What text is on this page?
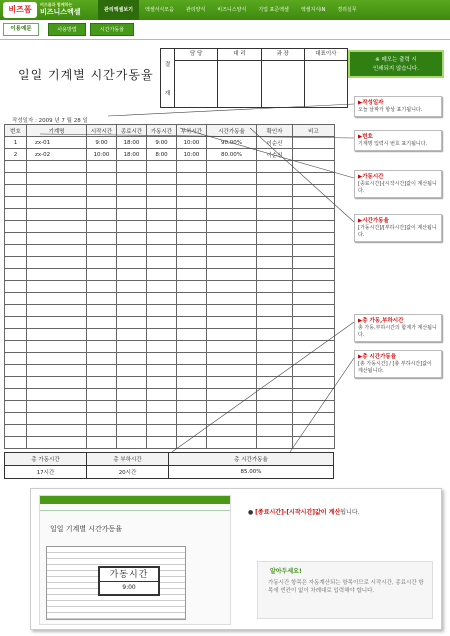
비즈폼
비즈폼과 함께하는
비즈니스엑셀	관리엑셀보기	엑셀서식모음	관리양식	비즈니스양식	기업 표준엑셀	엑셀지식iN	경리실무
이용예문	사용방법	시간가동율
일일 기계별 시간가동율
결
재
담 당	대 리	과 장	대표이사
작성일자 : 2009 년 7 월 28 일
번호	기계명	시작시간	종료시간	가동시간	부하시간	시간가동율	확인자	비고
1	zx-01	9:00	18:00	9:00	10:00	90.00%	이순신	
2	zx-02	10:00	18:00	8:00	10:00	80.00%	이순신	

총 가동시간	총 부하시간	총 시간가동율
17시간	20시간	85.00%
※ 메모는 출력 시
인쇄되지 않습니다.
▶작성일자
오늘 날짜가 항상 표기됩니다.
▶번호
기계명 입력시 번호 표기됩니다.
▶가동시간
[종료시간]-[시작시간]값이 계산됩니다.
▶시간가동율
[가동시간]/[부하시간]값이 계산됩니다.
▶총 가동,부하시간
총 가동,부하시간의 합계가 계산됩니다.
▶총 시간가동율
[총 가동시간] / [총 부하시간]값이 계산됩니다.
일일 기계별 시간가동율
알아두세요!
가동시간 항목은 자동계산되는 항목이므로 시작시간, 종료시간 항목에 빈칸이 없이 차례대로 입력해야 합니다.
● [종료시간]-[시작시간]값이 계산됩니다.
가동시간
9:00
